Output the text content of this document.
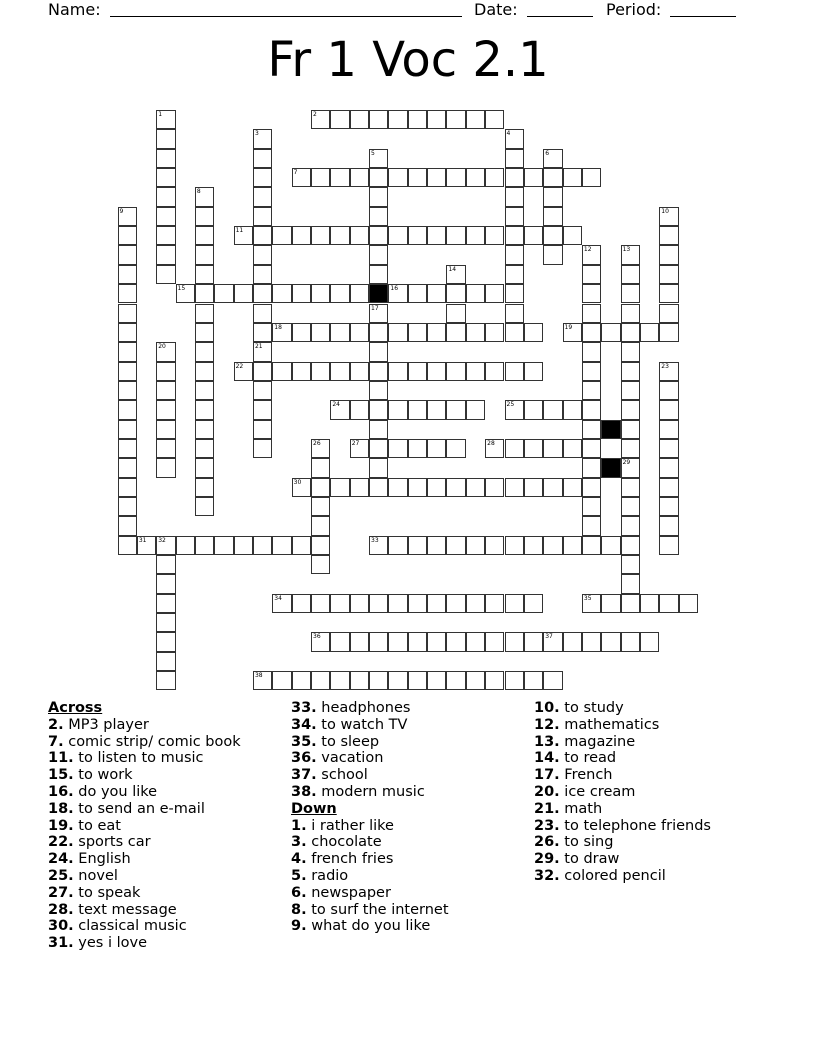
Name:	Date:	Period:
Fr 1 Voc 2.1
1	2
3
21
4
6
7
8
9	10
11
12	13
29
14
15	16
17
18	19
20
22	23
24	25
26	27	28
30
31 32	33
34	35
36	37
38
5
Across
2. MP3 player
7. comic strip/ comic book
11. to listen to music
15. to work
16. do you like
18. to send an e-mail
19. to eat
22. sports car
24. English
25. novel
27. to speak
28. text message
30. classical music
31. yes i love
33. headphones
34. to watch TV
35. to sleep
36. vacation
37. school
38. modern music
Down
1. i rather like
3. chocolate
4. french fries
5. radio
6. newspaper
8. to surf the internet
9. what do you like
10. to study
12. mathematics
13. magazine
14. to read
17. French
20. ice cream
21. math
23. to telephone friends
26. to sing
29. to draw
32. colored pencil
